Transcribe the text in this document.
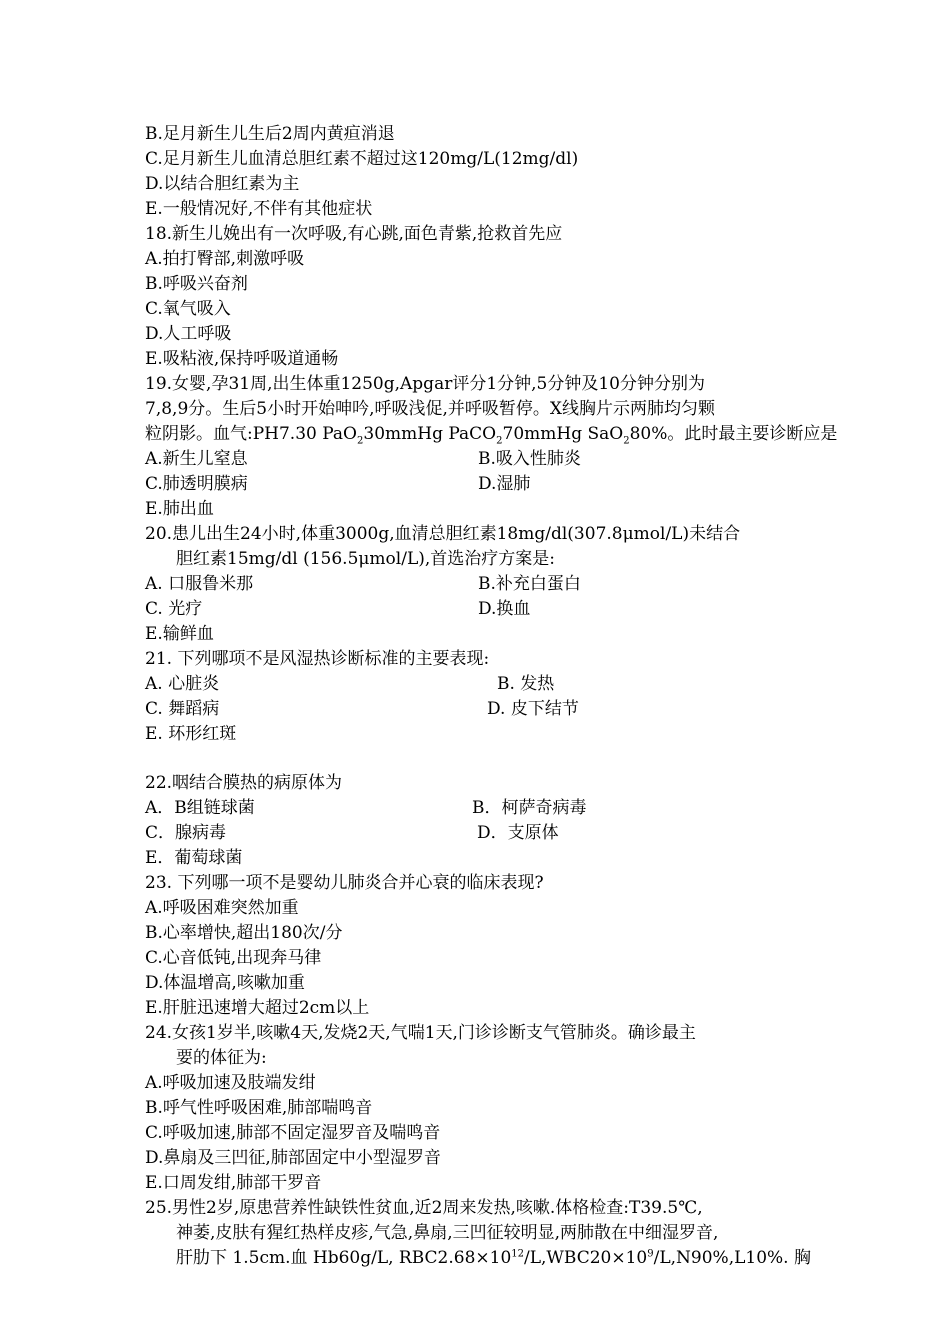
B.足月新生儿生后2周内黄疸消退
C.足月新生儿血清总胆红素不超过这120mg/L(12mg/dl)
D.以结合胆红素为主
E.一般情况好,不伴有其他症状
18.新生儿娩出有一次呼吸,有心跳,面色青紫,抢救首先应
A.拍打臀部,刺激呼吸
B.呼吸兴奋剂
C.氧气吸入
D.人工呼吸
E.吸粘液,保持呼吸道通畅
19.女婴,孕31周,出生体重1250g,Apgar评分1分钟,5分钟及10分钟分别为
7,8,9分。生后5小时开始呻吟,呼吸浅促,并呼吸暂停。X线胸片示两肺均匀颗
粒阴影。血气:PH7.30 PaO$_2$30mmHg PaCO$_2$70mmHg SaO$_2$80%。此时最主要诊断应是
A.新生儿窒息	B.吸入性肺炎
C.肺透明膜病	D.湿肺
E.肺出血
20.患儿出生24小时,体重3000g,血清总胆红素18mg/dl(307.8μmol/L)未结合
胆红素15mg/dl (156.5μmol/L),首选治疗方案是:
A. 口服鲁米那	B.补充白蛋白
C. 光疗	D.换血
E.输鲜血
21. 下列哪项不是风湿热诊断标准的主要表现:
A. 心脏炎	B. 发热
C. 舞蹈病	D. 皮下结节
E. 环形红斑
22.咽结合膜热的病原体为
A．B组链球菌	B．柯萨奇病毒
C．腺病毒	D．支原体
E．葡萄球菌
23. 下列哪一项不是婴幼儿肺炎合并心衰的临床表现?
A.呼吸困难突然加重
B.心率增快,超出180次/分
C.心音低钝,出现奔马律
D.体温增高,咳嗽加重
E.肝脏迅速增大超过2cm以上
24.女孩1岁半,咳嗽4天,发烧2天,气喘1天,门诊诊断支气管肺炎。确诊最主
要的体征为:
A.呼吸加速及肢端发绀
B.呼气性呼吸困难,肺部喘鸣音
C.呼吸加速,肺部不固定湿罗音及喘鸣音
D.鼻扇及三凹征,肺部固定中小型湿罗音
E.口周发绀,肺部干罗音
25.男性2岁,原患营养性缺铁性贫血,近2周来发热,咳嗽.体格检查:T39.5℃,
神萎,皮肤有猩红热样皮疹,气急,鼻扇,三凹征较明显,两肺散在中细湿罗音,
肝肋下 1.5cm.血 Hb60g/L, $RBC2.68\times 10^{12}/L,WBC20\times 10^9/L,N90\%,L10\%$. 胸
